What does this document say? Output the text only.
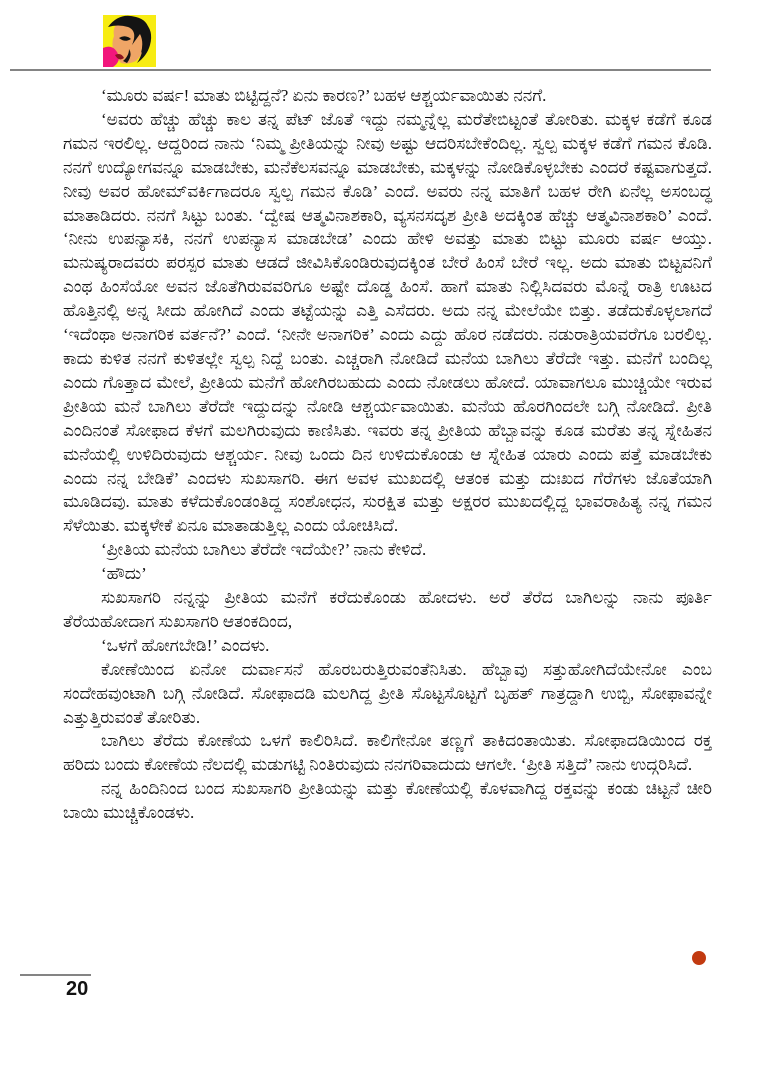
‘ಮೂರು ವರ್ಷ! ಮಾತು ಬಿಟ್ಟಿದ್ದನೆ? ಏನು ಕಾರಣ?’ ಬಹಳ ಆಶ್ಚರ್ಯವಾಯಿತು ನನಗೆ.

‘ಅವರು ಹೆಚ್ಚು ಹೆಚ್ಚು ಕಾಲ ತನ್ನ ಪೆಟ್ ಜೊತೆ ಇದ್ದು ನಮ್ಮನ್ನೆಲ್ಲ ಮರೆತೇಬಿಟ್ಟಂತೆ ತೋರಿತು. ಮಕ್ಕಳ ಕಡೆಗೆ ಕೂಡ ಗಮನ ಇರಲಿಲ್ಲ. ಆದ್ದರಿಂದ ನಾನು ‘ನಿಮ್ಮ ಪ್ರೀತಿಯನ್ನು ನೀವು ಅಷ್ಟು ಆದರಿಸಬೇಕೆಂದಿಲ್ಲ. ಸ್ವಲ್ಪ ಮಕ್ಕಳ ಕಡೆಗೆ ಗಮನ ಕೊಡಿ. ನನಗೆ ಉದ್ಯೋಗವನ್ನೂ ಮಾಡಬೇಕು, ಮನೆಕೆಲಸವನ್ನೂ ಮಾಡಬೇಕು, ಮಕ್ಕಳನ್ನು ನೋಡಿಕೊಳ್ಳಬೇಕು ಎಂದರೆ ಕಷ್ಟವಾಗುತ್ತದೆ. ನೀವು ಅವರ ಹೋಮ್‌ವರ್ಕಿಗಾದರೂ ಸ್ವಲ್ಪ ಗಮನ ಕೊಡಿ’ ಎಂದೆ. ಅವರು ನನ್ನ ಮಾತಿಗೆ ಬಹಳ ರೇಗಿ ಏನೆಲ್ಲ ಅಸಂಬದ್ಧ ಮಾತಾಡಿದರು. ನನಗೆ ಸಿಟ್ಟು ಬಂತು. ‘ದ್ವೇಷ ಆತ್ಮವಿನಾಶಕಾರಿ, ವ್ಯಸನಸದೃಶ ಪ್ರೀತಿ ಅದಕ್ಕಿಂತ ಹೆಚ್ಚು ಆತ್ಮವಿನಾಶಕಾರಿ’ ಎಂದೆ. ‘ನೀನು ಉಪನ್ಯಾಸಕಿ, ನನಗೆ ಉಪನ್ಯಾಸ ಮಾಡಬೇಡ’ ಎಂದು ಹೇಳಿ ಅವತ್ತು ಮಾತು ಬಿಟ್ಟು ಮೂರು ವರ್ಷ ಆಯ್ತು. ಮನುಷ್ಯರಾದವರು ಪರಸ್ಪರ ಮಾತು ಆಡದೆ ಜೀವಿಸಿಕೊಂಡಿರುವುದಕ್ಕಿಂತ ಬೇರೆ ಹಿಂಸೆ ಬೇರೆ ಇಲ್ಲ. ಅದು ಮಾತು ಬಿಟ್ಟವನಿಗೆ ಎಂಥ ಹಿಂಸೆಯೋ ಅವನ ಜೊತೆಗಿರುವವರಿಗೂ ಅಷ್ಟೇ ದೊಡ್ಡ ಹಿಂಸೆ. ಹಾಗೆ ಮಾತು ನಿಲ್ಲಿಸಿದವರು ಮೊನ್ನೆ ರಾತ್ರಿ ಊಟದ ಹೊತ್ತಿನಲ್ಲಿ ಅನ್ನ ಸೀದು ಹೋಗಿದೆ ಎಂದು ತಟ್ಟೆಯನ್ನು ಎತ್ತಿ ಎಸೆದರು. ಅದು ನನ್ನ ಮೇಲೆಯೇ ಬಿತ್ತು. ತಡೆದುಕೊಳ್ಳಲಾಗದೆ ‘ಇದೆಂಥಾ ಅನಾಗರಿಕ ವರ್ತನೆ?’ ಎಂದೆ. ‘ನೀನೇ ಅನಾಗರಿಕ’ ಎಂದು ಎದ್ದು ಹೊರ ನಡೆದರು. ನಡುರಾತ್ರಿಯವರೆಗೂ ಬರಲಿಲ್ಲ. ಕಾದು ಕುಳಿತ ನನಗೆ ಕುಳಿತಲ್ಲೇ ಸ್ವಲ್ಪ ನಿದ್ದೆ ಬಂತು. ಎಚ್ಚರಾಗಿ ನೋಡಿದೆ ಮನೆಯ ಬಾಗಿಲು ತೆರೆದೇ ಇತ್ತು. ಮನೆಗೆ ಬಂದಿಲ್ಲ ಎಂದು ಗೊತ್ತಾದ ಮೇಲೆ, ಪ್ರೀತಿಯ ಮನೆಗೆ ಹೋಗಿರಬಹುದು ಎಂದು ನೋಡಲು ಹೋದೆ. ಯಾವಾಗಲೂ ಮುಚ್ಚಿಯೇ ಇರುವ ಪ್ರೀತಿಯ ಮನೆ ಬಾಗಿಲು ತೆರೆದೇ ಇದ್ದುದನ್ನು ನೋಡಿ ಆಶ್ಚರ್ಯವಾಯಿತು. ಮನೆಯ ಹೊರಗಿಂದಲೇ ಬಗ್ಗಿ ನೋಡಿದೆ. ಪ್ರೀತಿ ಎಂದಿನಂತೆ ಸೋಫಾದ ಕೆಳಗೆ ಮಲಗಿರುವುದು ಕಾಣಿಸಿತು. ಇವರು ತನ್ನ ಪ್ರೀತಿಯ ಹೆಬ್ಬಾವನ್ನು ಕೂಡ ಮರೆತು ತನ್ನ ಸ್ನೇಹಿತನ ಮನೆಯಲ್ಲಿ ಉಳಿದಿರುವುದು ಆಶ್ಚರ್ಯ. ನೀವು ಒಂದು ದಿನ ಉಳಿದುಕೊಂಡು ಆ ಸ್ನೇಹಿತ ಯಾರು ಎಂದು ಪತ್ತೆ ಮಾಡಬೇಕು ಎಂದು ನನ್ನ ಬೇಡಿಕೆ’ ಎಂದಳು ಸುಖಸಾಗರಿ. ಈಗ ಅವಳ ಮುಖದಲ್ಲಿ ಆತಂಕ ಮತ್ತು ದುಃಖದ ಗೆರೆಗಳು ಜೊತೆಯಾಗಿ ಮೂಡಿದವು. ಮಾತು ಕಳೆದುಕೊಂಡಂತಿದ್ದ ಸಂಶೋಧನ, ಸುರಕ್ಷಿತ ಮತ್ತು ಅಕ್ಷರರ ಮುಖದಲ್ಲಿದ್ದ ಭಾವರಾಹಿತ್ಯ ನನ್ನ ಗಮನ ಸೆಳೆಯಿತು. ಮಕ್ಕಳೇಕೆ ಏನೂ ಮಾತಾಡುತ್ತಿಲ್ಲ ಎಂದು ಯೋಚಿಸಿದೆ.

‘ಪ್ರೀತಿಯ ಮನೆಯ ಬಾಗಿಲು ತೆರೆದೇ ಇದೆಯೇ?’ ನಾನು ಕೇಳಿದೆ.

‘ಹೌದು’

ಸುಖಸಾಗರಿ ನನ್ನನ್ನು ಪ್ರೀತಿಯ ಮನೆಗೆ ಕರೆದುಕೊಂಡು ಹೋದಳು. ಅರೆ ತೆರೆದ ಬಾಗಿಲನ್ನು ನಾನು ಪೂರ್ತಿ ತೆರೆಯಹೋದಾಗ ಸುಖಸಾಗರಿ ಆತಂಕದಿಂದ,

‘ಒಳಗೆ ಹೋಗಬೇಡಿ!’ ಎಂದಳು.

ಕೋಣೆಯಿಂದ ಏನೋ ದುರ್ವಾಸನೆ ಹೊರಬರುತ್ತಿರುವಂತೆನಿಸಿತು. ಹೆಬ್ಬಾವು ಸತ್ತುಹೋಗಿದೆಯೇನೋ ಎಂಬ ಸಂದೇಹವುಂಟಾಗಿ ಬಗ್ಗಿ ನೋಡಿದೆ. ಸೋಫಾದಡಿ ಮಲಗಿದ್ದ ಪ್ರೀತಿ ಸೊಟ್ಟಸೊಟ್ಟಗೆ ಬೃಹತ್ ಗಾತ್ರದ್ದಾಗಿ ಉಬ್ಬಿ, ಸೋಫಾವನ್ನೇ ಎತ್ತುತ್ತಿರುವಂತೆ ತೋರಿತು.

ಬಾಗಿಲು ತೆರೆದು ಕೋಣೆಯ ಒಳಗೆ ಕಾಲಿರಿಸಿದೆ. ಕಾಲಿಗೇನೋ ತಣ್ಣಗೆ ತಾಕಿದಂತಾಯಿತು. ಸೋಫಾದಡಿಯಿಂದ ರಕ್ತ ಹರಿದು ಬಂದು ಕೋಣೆಯ ನೆಲದಲ್ಲಿ ಮಡುಗಟ್ಟಿ ನಿಂತಿರುವುದು ನನಗರಿವಾದುದು ಆಗಲೇ. ‘ಪ್ರೀತಿ ಸತ್ತಿದೆ’ ನಾನು ಉದ್ಗರಿಸಿದೆ.

ನನ್ನ ಹಿಂದಿನಿಂದ ಬಂದ ಸುಖಸಾಗರಿ ಪ್ರೀತಿಯನ್ನು ಮತ್ತು ಕೋಣೆಯಲ್ಲಿ ಕೊಳವಾಗಿದ್ದ ರಕ್ತವನ್ನು ಕಂಡು ಚಿಟ್ಟನೆ ಚೀರಿ ಬಾಯಿ ಮುಚ್ಚಿಕೊಂಡಳು.

20
